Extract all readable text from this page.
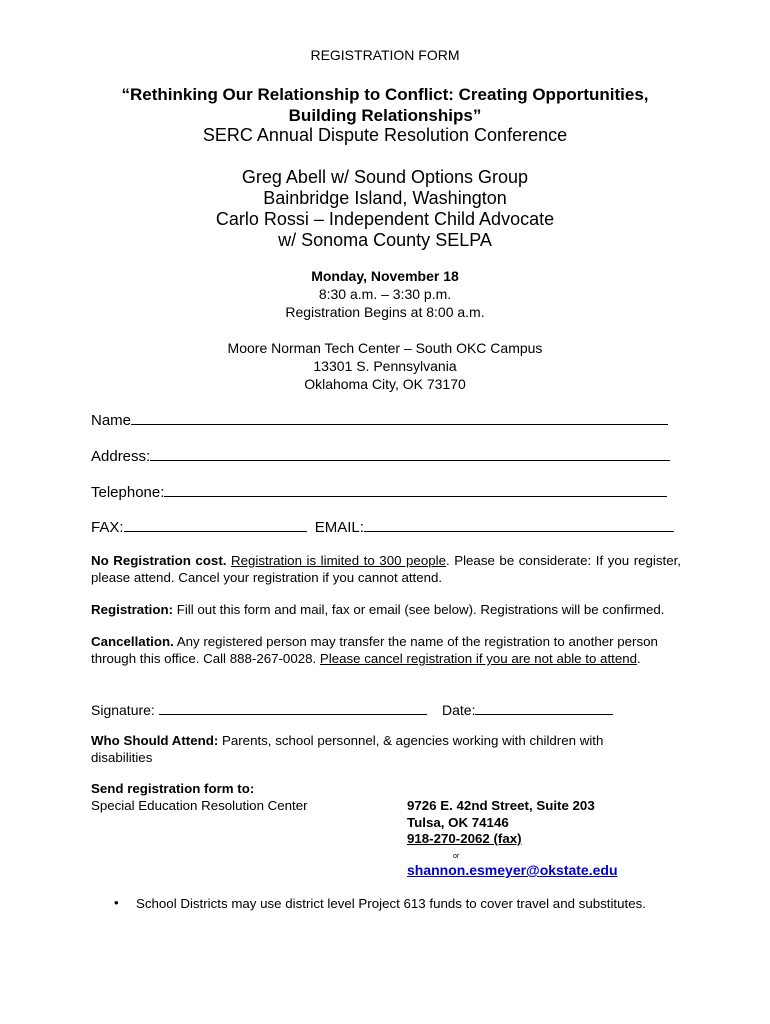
REGISTRATION FORM
“Rethinking Our Relationship to Conflict: Creating Opportunities,
Building Relationships”
SERC Annual Dispute Resolution Conference
Greg Abell w/ Sound Options Group
Bainbridge Island, Washington
Carlo Rossi – Independent Child Advocate
w/ Sonoma County SELPA
Monday, November 18
8:30 a.m. – 3:30 p.m.
Registration Begins at 8:00 a.m.
Moore Norman Tech Center – South OKC Campus
13301 S. Pennsylvania
Oklahoma City, OK 73170
Name
Address:
Telephone:
FAX:	EMAIL:
No Registration cost. Registration is limited to 300 people. Please be considerate: If you register, please attend. Cancel your registration if you cannot attend.
Registration: Fill out this form and mail, fax or email (see below). Registrations will be confirmed.
Cancellation. Any registered person may transfer the name of the registration to another person through this office. Call 888-267-0028. Please cancel registration if you are not able to attend.
Signature:	Date:
Who Should Attend: Parents, school personnel, & agencies working with children with disabilities
Send registration form to:
Special Education Resolution Center	9726 E. 42nd Street, Suite 203
Tulsa, OK 74146
918-270-2062 (fax)
or
shannon.esmeyer@okstate.edu
• School Districts may use district level Project 613 funds to cover travel and substitutes.
